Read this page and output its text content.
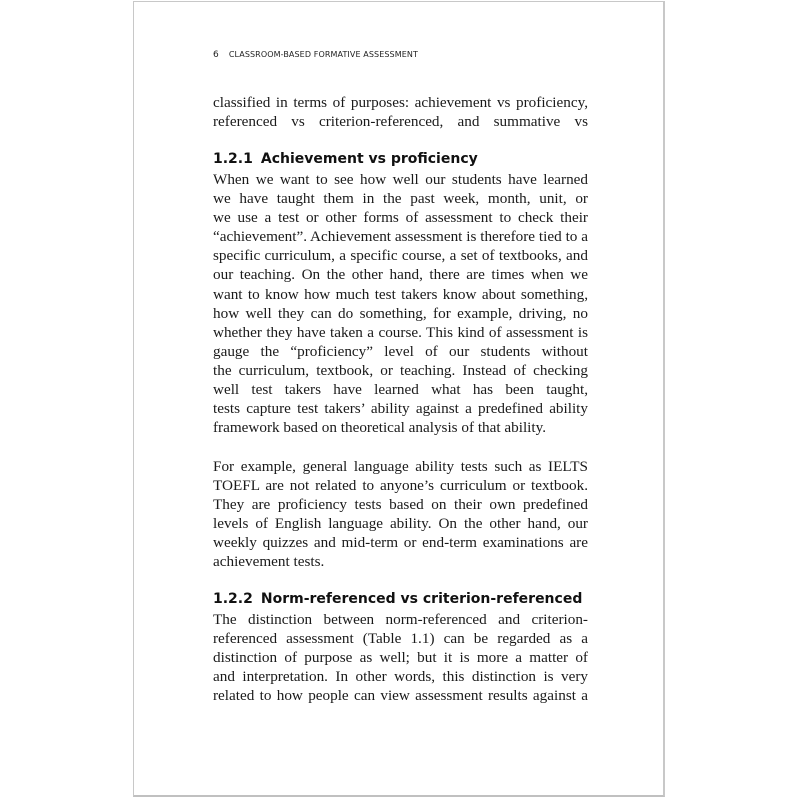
6 CLASSROOM-BASED FORMATIVE ASSESSMENT
classified in terms of purposes: achievement vs proficiency,
referenced vs criterion-referenced, and summative vs
1.2.1 Achievement vs proficiency
When we want to see how well our students have learned
we have taught them in the past week, month, unit, or
we use a test or other forms of assessment to check their
“achievement”. Achievement assessment is therefore tied to a
specific curriculum, a specific course, a set of textbooks, and
our teaching. On the other hand, there are times when we
want to know how much test takers know about something,
how well they can do something, for example, driving, no
whether they have taken a course. This kind of assessment is
gauge the “proficiency” level of our students without
the curriculum, textbook, or teaching. Instead of checking
well test takers have learned what has been taught,
tests capture test takers’ ability against a predefined ability
framework based on theoretical analysis of that ability.
For example, general language ability tests such as IELTS
TOEFL are not related to anyone’s curriculum or textbook.
They are proficiency tests based on their own predefined
levels of English language ability. On the other hand, our
weekly quizzes and mid-term or end-term examinations are
achievement tests.
1.2.2 Norm-referenced vs criterion-referenced
The distinction between norm-referenced and criterion-
referenced assessment (Table 1.1) can be regarded as a
distinction of purpose as well; but it is more a matter of
and interpretation. In other words, this distinction is very
related to how people can view assessment results against a
